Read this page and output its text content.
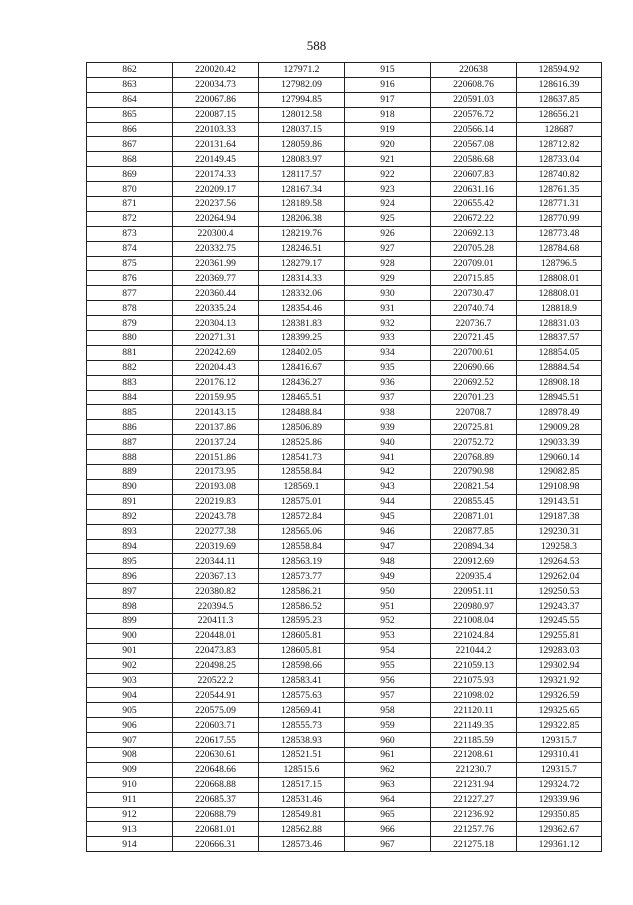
588
862	220020.42	127971.2	915	220638	128594.92
863	220034.73	127982.09	916	220608.76	128616.39
864	220067.86	127994.85	917	220591.03	128637.85
865	220087.15	128012.58	918	220576.72	128656.21
866	220103.33	128037.15	919	220566.14	128687
867	220131.64	128059.86	920	220567.08	128712.82
868	220149.45	128083.97	921	220586.68	128733.04
869	220174.33	128117.57	922	220607.83	128740.82
870	220209.17	128167.34	923	220631.16	128761.35
871	220237.56	128189.58	924	220655.42	128771.31
872	220264.94	128206.38	925	220672.22	128770.99
873	220300.4	128219.76	926	220692.13	128773.48
874	220332.75	128246.51	927	220705.28	128784.68
875	220361.99	128279.17	928	220709.01	128796.5
876	220369.77	128314.33	929	220715.85	128808.01
877	220360.44	128332.06	930	220730.47	128808.01
878	220335.24	128354.46	931	220740.74	128818.9
879	220304.13	128381.83	932	220736.7	128831.03
880	220271.31	128399.25	933	220721.45	128837.57
881	220242.69	128402.05	934	220700.61	128854.05
882	220204.43	128416.67	935	220690.66	128884.54
883	220176.12	128436.27	936	220692.52	128908.18
884	220159.95	128465.51	937	220701.23	128945.51
885	220143.15	128488.84	938	220708.7	128978.49
886	220137.86	128506.89	939	220725.81	129009.28
887	220137.24	128525.86	940	220752.72	129033.39
888	220151.86	128541.73	941	220768.89	129060.14
889	220173.95	128558.84	942	220790.98	129082.85
890	220193.08	128569.1	943	220821.54	129108.98
891	220219.83	128575.01	944	220855.45	129143.51
892	220243.78	128572.84	945	220871.01	129187.38
893	220277.38	128565.06	946	220877.85	129230.31
894	220319.69	128558.84	947	220894.34	129258.3
895	220344.11	128563.19	948	220912.69	129264.53
896	220367.13	128573.77	949	220935.4	129262.04
897	220380.82	128586.21	950	220951.11	129250.53
898	220394.5	128586.52	951	220980.97	129243.37
899	220411.3	128595.23	952	221008.04	129245.55
900	220448.01	128605.81	953	221024.84	129255.81
901	220473.83	128605.81	954	221044.2	129283.03
902	220498.25	128598.66	955	221059.13	129302.94
903	220522.2	128583.41	956	221075.93	129321.92
904	220544.91	128575.63	957	221098.02	129326.59
905	220575.09	128569.41	958	221120.11	129325.65
906	220603.71	128555.73	959	221149.35	129322.85
907	220617.55	128538.93	960	221185.59	129315.7
908	220630.61	128521.51	961	221208.61	129310.41
909	220648.66	128515.6	962	221230.7	129315.7
910	220668.88	128517.15	963	221231.94	129324.72
911	220685.37	128531.46	964	221227.27	129339.96
912	220688.79	128549.81	965	221236.92	129350.85
913	220681.01	128562.88	966	221257.76	129362.67
914	220666.31	128573.46	967	221275.18	129361.12
